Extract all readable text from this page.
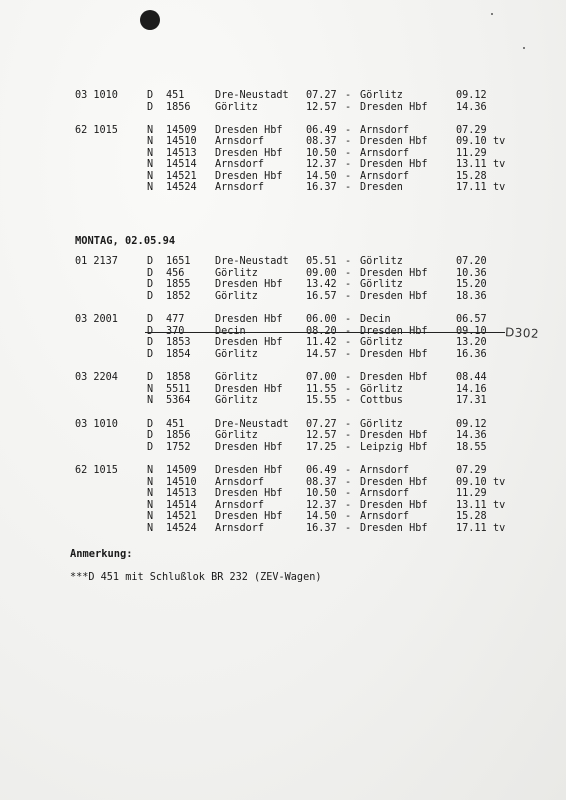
03 1010	D 451	Dre-Neustadt 07.27 - Görlitz	09.12
D 1856 Görlitz	12.57 - Dresden Hbf	14.36
62 1015	N 14509 Dresden Hbf 06.49 - Arnsdorf	07.29
N 14510 Arnsdorf	08.37 - Dresden Hbf	09.10 tv
N 14513 Dresden Hbf 10.50 - Arnsdorf	11.29
N 14514 Arnsdorf	12.37 - Dresden Hbf	13.11 tv
N 14521 Dresden Hbf 14.50 - Arnsdorf	15.28
N 14524 Arnsdorf	16.37 - Dresden	17.11 tv
MONTAG, 02.05.94
01 2137	D 1651 Dre-Neustadt 05.51 - Görlitz	07.20
D 456	Görlitz	09.00 - Dresden Hbf	10.36
D 1855 Dresden Hbf 13.42 - Görlitz	15.20
D 1852 Görlitz	16.57 - Dresden Hbf	18.36
03 2001	D 477	Dresden Hbf 06.00 - Decin	06.57
D 1853 Dresden Hbf 11.42 - Görlitz	13.20
D 1854 Görlitz	14.57 - Dresden Hbf	16.36
03 2204	D 1858 Görlitz	07.00 - Dresden Hbf	08.44
N 5511 Dresden Hbf 11.55 - Görlitz	14.16
N 5364 Görlitz	15.55 - Cottbus	17.31
03 1010	D 451	Dre-Neustadt 07.27 - Görlitz	09.12
D 1856 Görlitz	12.57 - Dresden Hbf	14.36
D 1752 Dresden Hbf 17.25 - Leipzig Hbf	18.55
62 1015	N 14509 Dresden Hbf 06.49 - Arnsdorf	07.29
N 14510 Arnsdorf	08.37 - Dresden Hbf	09.10 tv
N 14513 Dresden Hbf 10.50 - Arnsdorf	11.29
N 14514 Arnsdorf	12.37 - Dresden Hbf	13.11 tv
N 14521 Dresden Hbf 14.50 - Arnsdorf	15.28
N 14524 Arnsdorf	16.37 - Dresden Hbf	17.11 tv
D302
Anmerkung:
***D 451 mit Schlußlok BR 232 (ZEV-Wagen)
